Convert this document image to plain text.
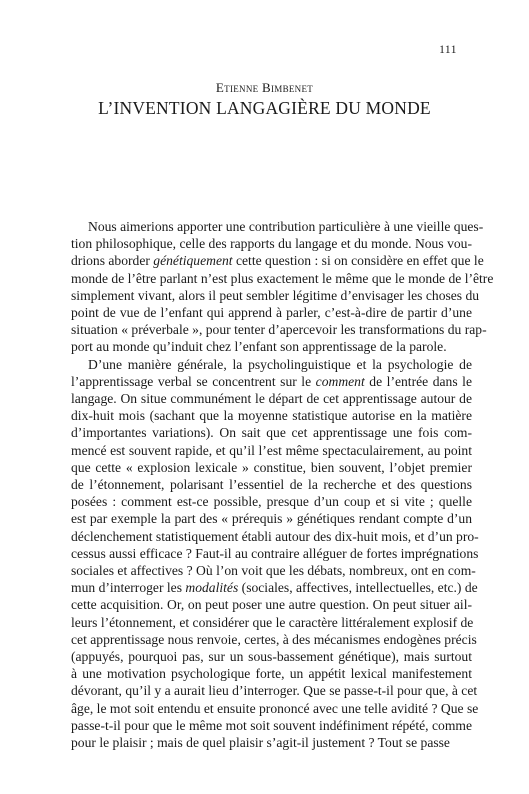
111
Etienne Bimbenet
L’INVENTION LANGAGIÈRE DU MONDE
Nous aimerions apporter une contribution particulière à une vieille ques-
tion philosophique, celle des rapports du langage et du monde. Nous vou-
drions aborder génétiquement cette question : si on considère en effet que le
monde de l’être parlant n’est plus exactement le même que le monde de l’être
simplement vivant, alors il peut sembler légitime d’envisager les choses du
point de vue de l’enfant qui apprend à parler, c’est-à-dire de partir d’une
situation « préverbale », pour tenter d’apercevoir les transformations du rap-
port au monde qu’induit chez l’enfant son apprentissage de la parole.
D’une manière générale, la psycholinguistique et la psychologie de
l’apprentissage verbal se concentrent sur le comment de l’entrée dans le
langage. On situe communément le départ de cet apprentissage autour de
dix-huit mois (sachant que la moyenne statistique autorise en la matière
d’importantes variations). On sait que cet apprentissage une fois com-
mencé est souvent rapide, et qu’il l’est même spectaculairement, au point
que cette « explosion lexicale » constitue, bien souvent, l’objet premier
de l’étonnement, polarisant l’essentiel de la recherche et des questions
posées : comment est-ce possible, presque d’un coup et si vite ; quelle
est par exemple la part des « prérequis » génétiques rendant compte d’un
déclenchement statistiquement établi autour des dix-huit mois, et d’un pro-
cessus aussi efficace ? Faut-il au contraire alléguer de fortes imprégnations
sociales et affectives ? Où l’on voit que les débats, nombreux, ont en com-
mun d’interroger les modalités (sociales, affectives, intellectuelles, etc.) de
cette acquisition. Or, on peut poser une autre question. On peut situer ail-
leurs l’étonnement, et considérer que le caractère littéralement explosif de
cet apprentissage nous renvoie, certes, à des mécanismes endogènes précis
(appuyés, pourquoi pas, sur un sous-bassement génétique), mais surtout
à une motivation psychologique forte, un appétit lexical manifestement
dévorant, qu’il y a aurait lieu d’interroger. Que se passe-t-il pour que, à cet
âge, le mot soit entendu et ensuite prononcé avec une telle avidité ? Que se
passe-t-il pour que le même mot soit souvent indéfiniment répété, comme
pour le plaisir ; mais de quel plaisir s’agit-il justement ? Tout se passe
